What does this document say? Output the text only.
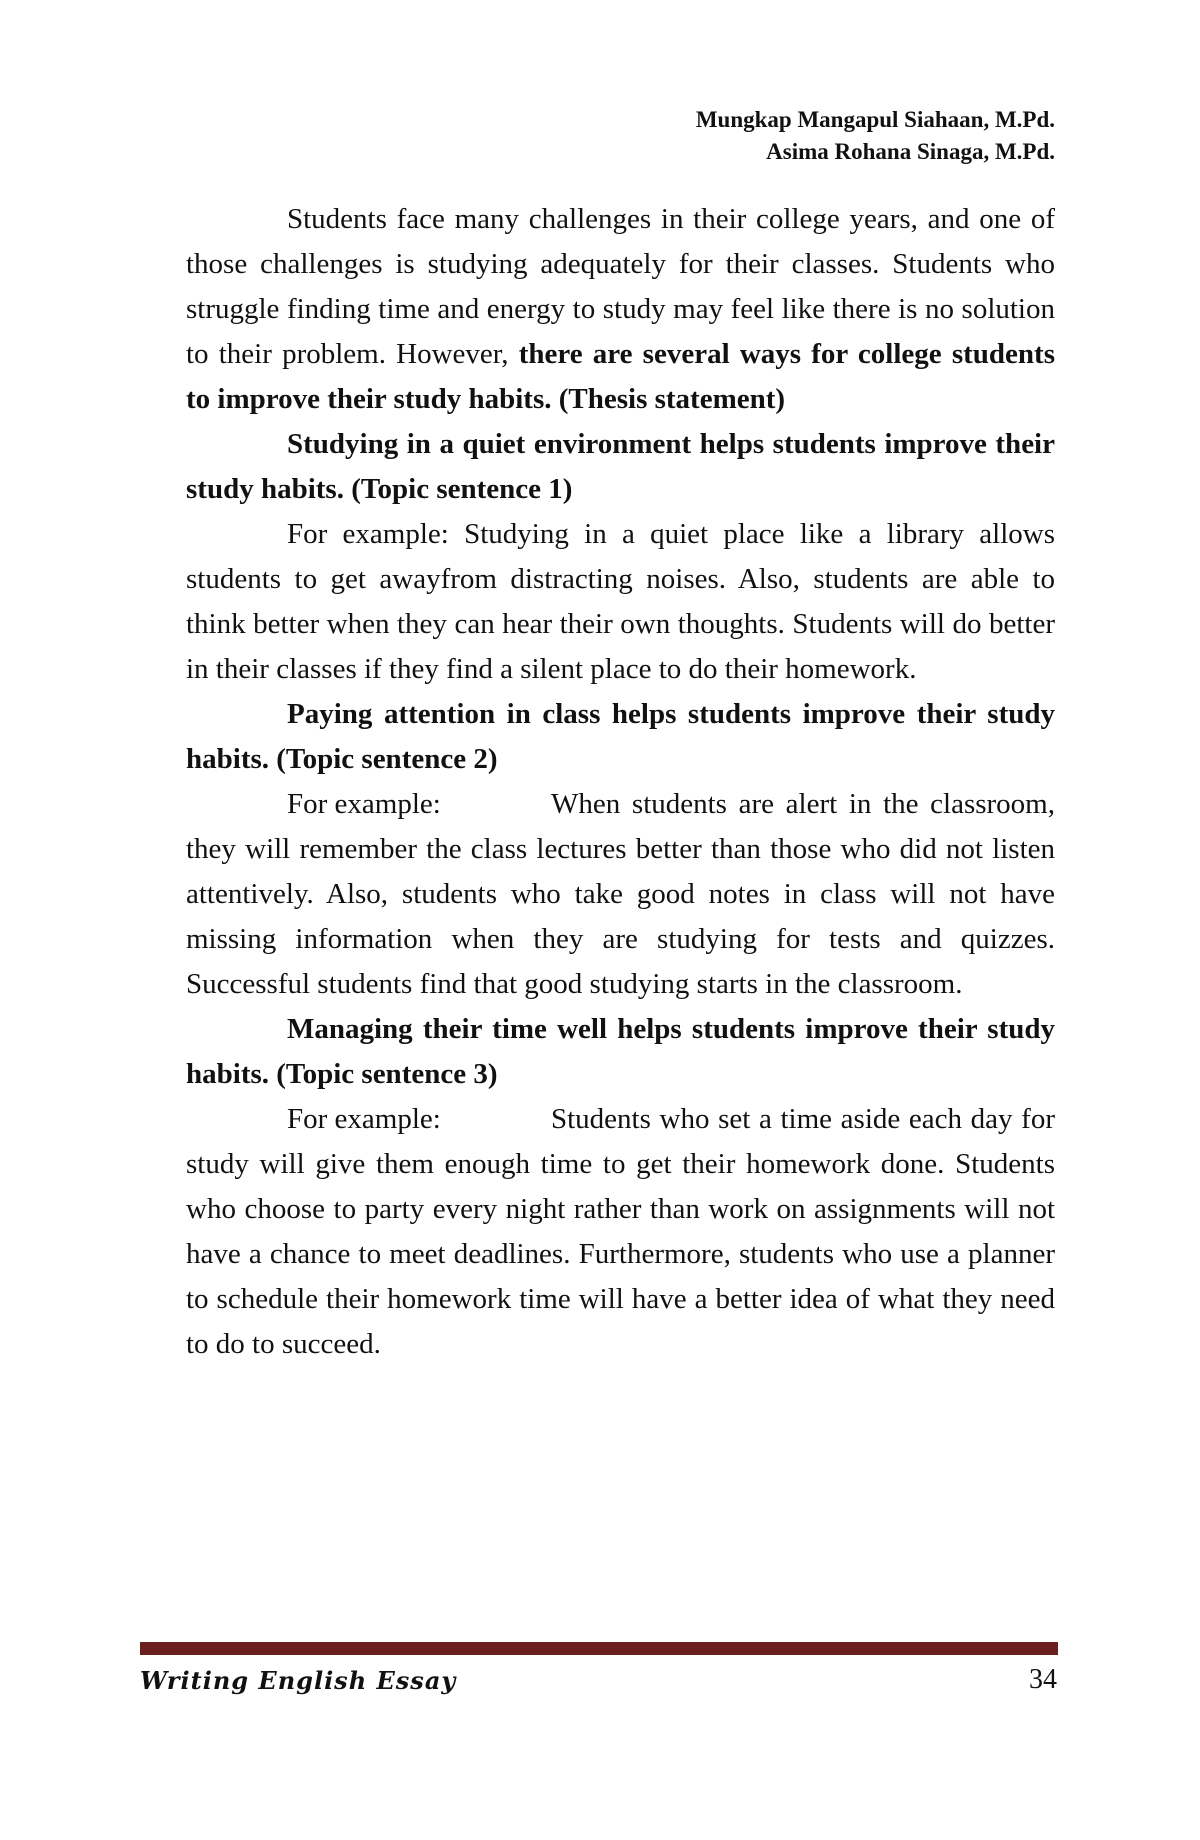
Mungkap Mangapul Siahaan, M.Pd.
Asima Rohana Sinaga, M.Pd.

Students face many challenges in their college years, and one of those challenges is studying adequately for their classes. Students who struggle finding time and energy to study may feel like there is no solution to their problem. However, there are several ways for college students to improve their study habits. (Thesis statement)

Studying in a quiet environment helps students improve their study habits. (Topic sentence 1)

For example: Studying in a quiet place like a library allows students to get awayfrom distracting noises. Also, students are able to think better when they can hear their own thoughts. Students will do better in their classes if they find a silent place to do their homework.

Paying attention in class helps students improve their study habits. (Topic sentence 2)

For example:	When students are alert in the classroom, they will remember the class lectures better than those who did not listen attentively. Also, students who take good notes in class will not have missing information when they are studying for tests and quizzes. Successful students find that good studying starts in the classroom.

Managing their time well helps students improve their study habits. (Topic sentence 3)

For example:	Students who set a time aside each day for study will give them enough time to get their homework done. Students who choose to party every night rather than work on assignments will not have a chance to meet deadlines. Furthermore, students who use a planner to schedule their homework time will have a better idea of what they need to do to succeed.

Writing English Essay	34
